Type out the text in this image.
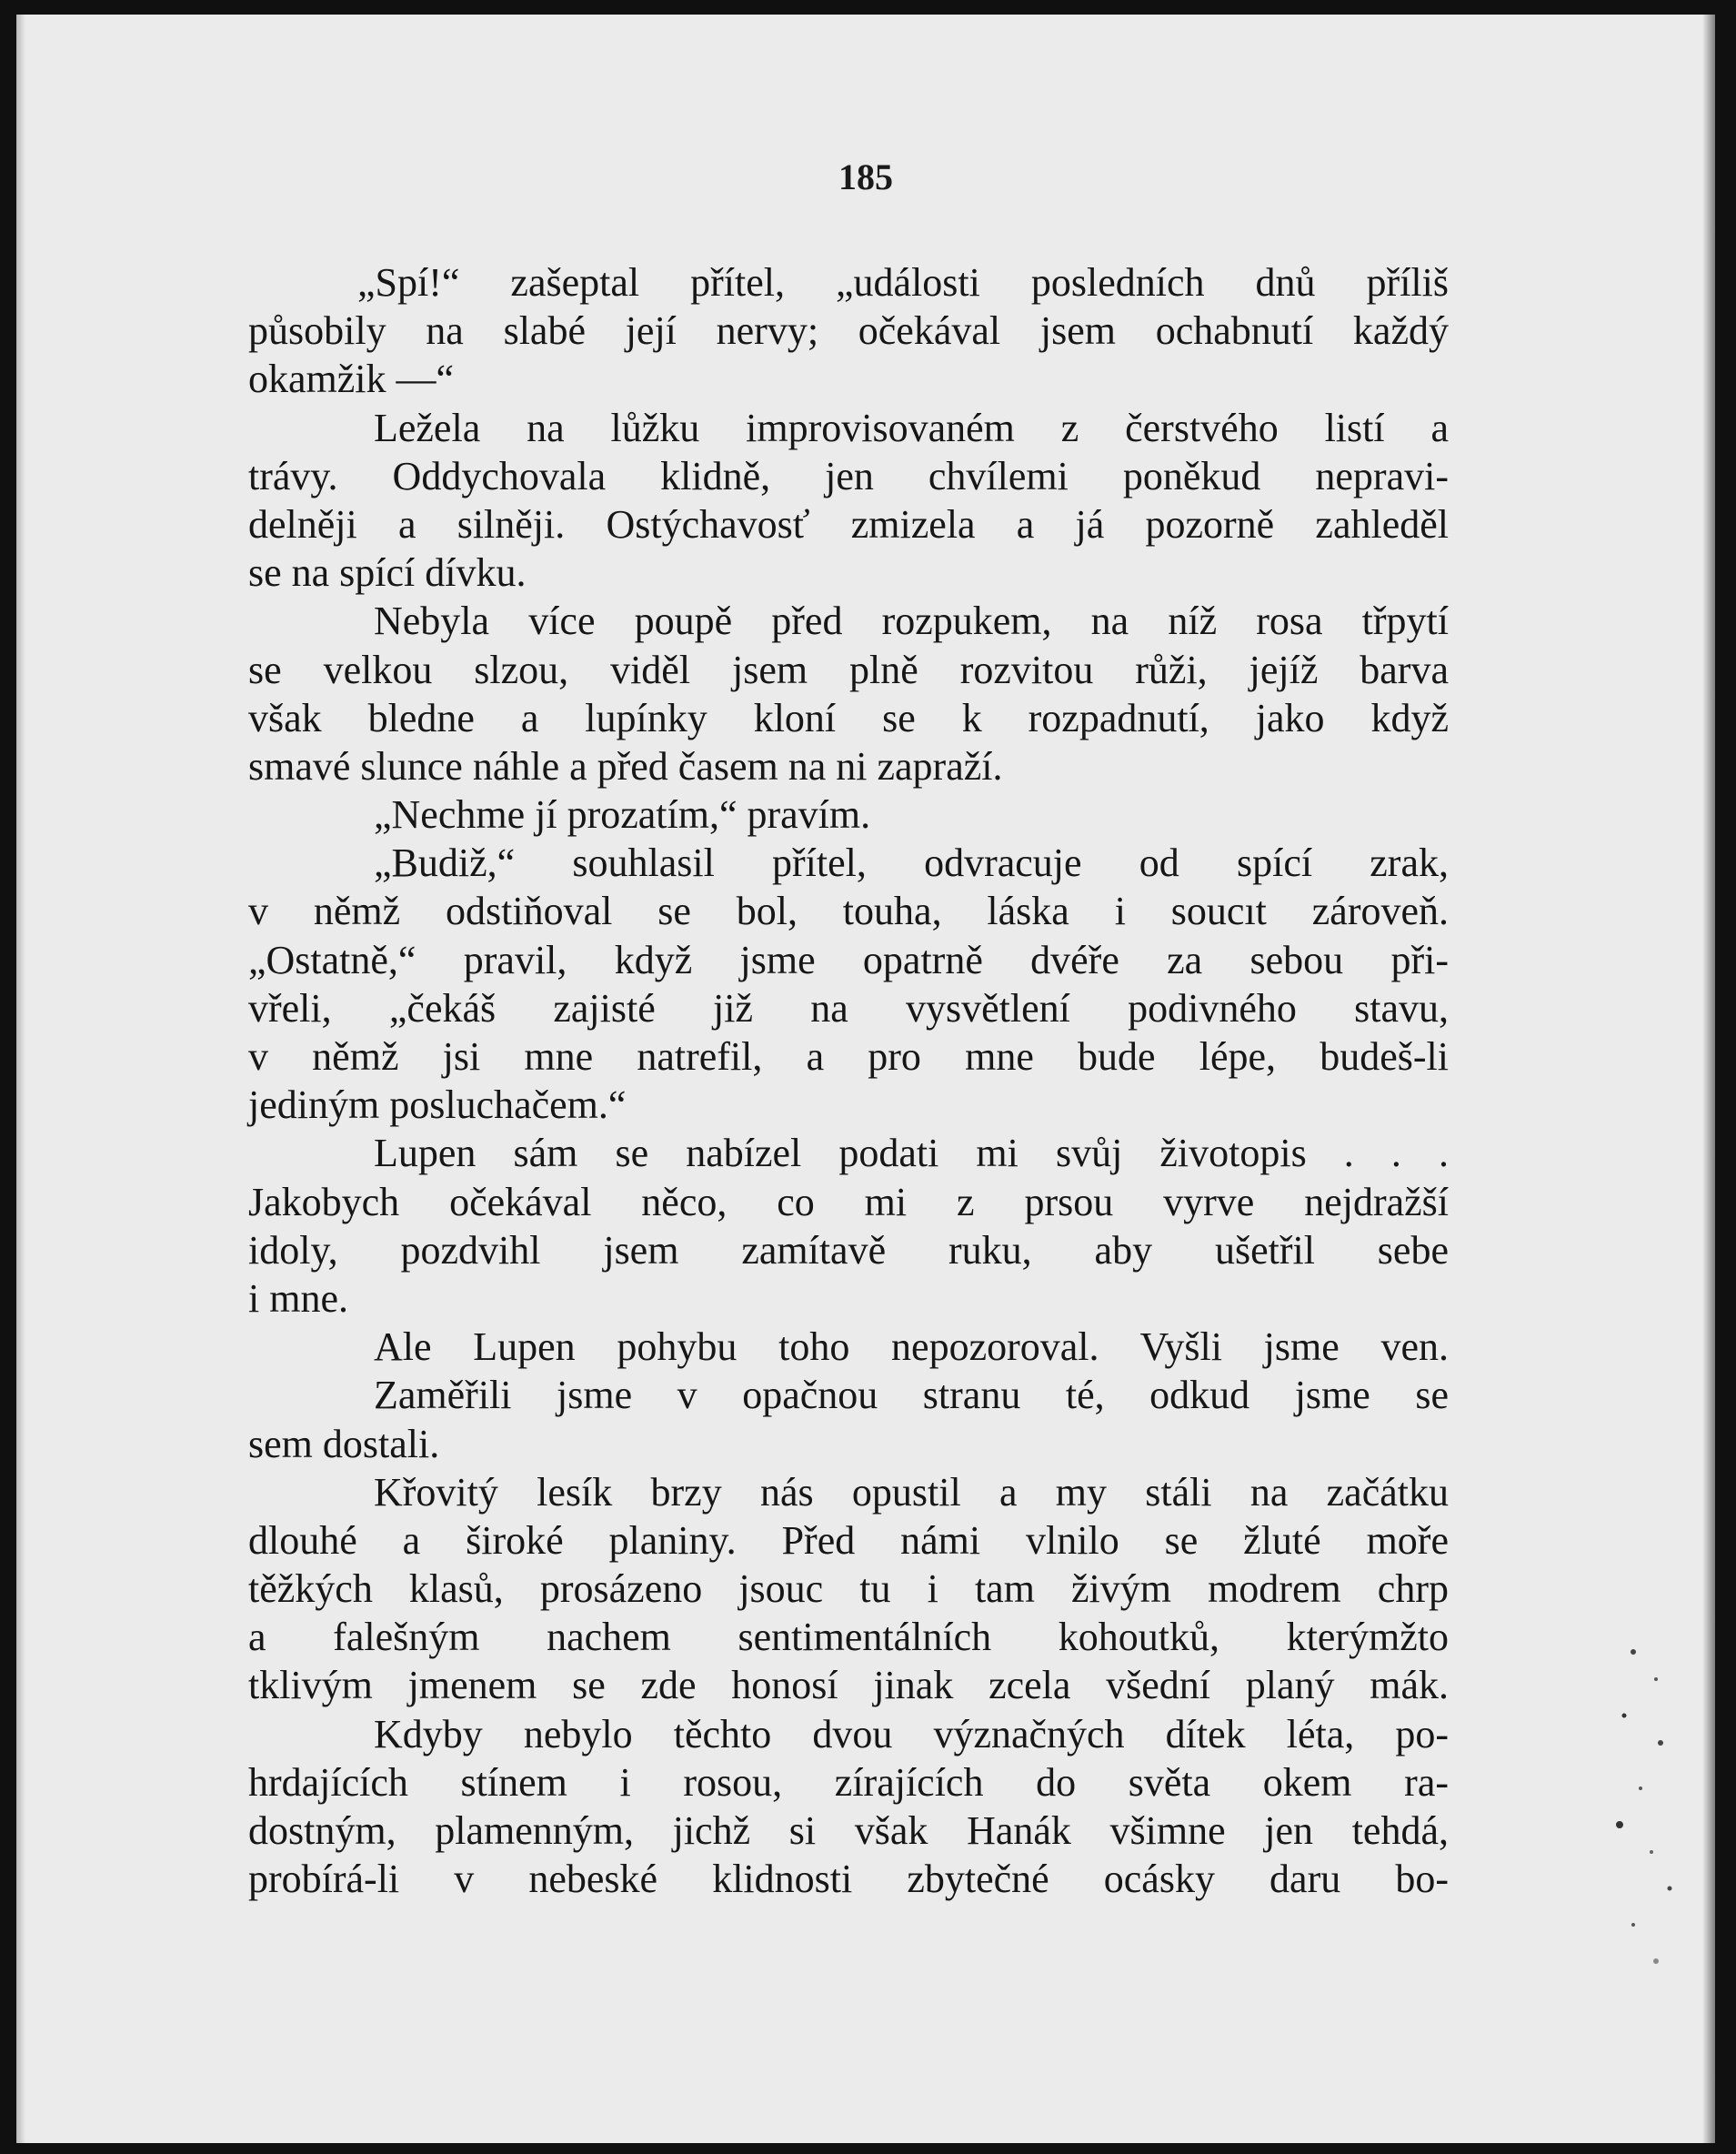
185
„Spí!“ zašeptal přítel, „události posledních dnů příliš
působily na slabé její nervy; očekával jsem ochabnutí každý
okamžik —“
Ležela na lůžku improvisovaném z čerstvého listí a
trávy. Oddychovala klidně, jen chvílemi poněkud nepravi-
delněji a silněji. Ostýchavosť zmizela a já pozorně zahleděl
se na spící dívku.
Nebyla více poupě před rozpukem, na níž rosa třpytí
se velkou slzou, viděl jsem plně rozvitou růži, jejíž barva
však bledne a lupínky kloní se k rozpadnutí, jako když
smavé slunce náhle a před časem na ni zapraží.
„Nechme jí prozatím,“ pravím.
„Budiž,“ souhlasil přítel, odvracuje od spící zrak,
v němž odstiňoval se bol, touha, láska i soucıt zároveň.
„Ostatně,“ pravil, když jsme opatrně dvéře za sebou při-
vřeli, „čekáš zajisté již na vysvětlení podivného stavu,
v němž jsi mne natrefil, a pro mne bude lépe, budeš-li
jediným posluchačem.“
Lupen sám se nabízel podati mi svůj životopis . . .
Jakobych očekával něco, co mi z prsou vyrve nejdražší
idoly, pozdvihl jsem zamítavě ruku, aby ušetřil sebe
i mne.
Ale Lupen pohybu toho nepozoroval. Vyšli jsme ven.
Zaměřili jsme v opačnou stranu té, odkud jsme se
sem dostali.
Křovitý lesík brzy nás opustil a my stáli na začátku
dlouhé a široké planiny. Před námi vlnilo se žluté moře
těžkých klasů, prosázeno jsouc tu i tam živým modrem chrp
a falešným nachem sentimentálních kohoutků, kterýmžto
tklivým jmenem se zde honosí jinak zcela všední planý mák.
Kdyby nebylo těchto dvou význačných dítek léta, po-
hrdajících stínem i rosou, zírajících do světa okem ra-
dostným, plamenným, jichž si však Hanák všimne jen tehdá,
probírá-li v nebeské klidnosti zbytečné ocásky daru bo-
